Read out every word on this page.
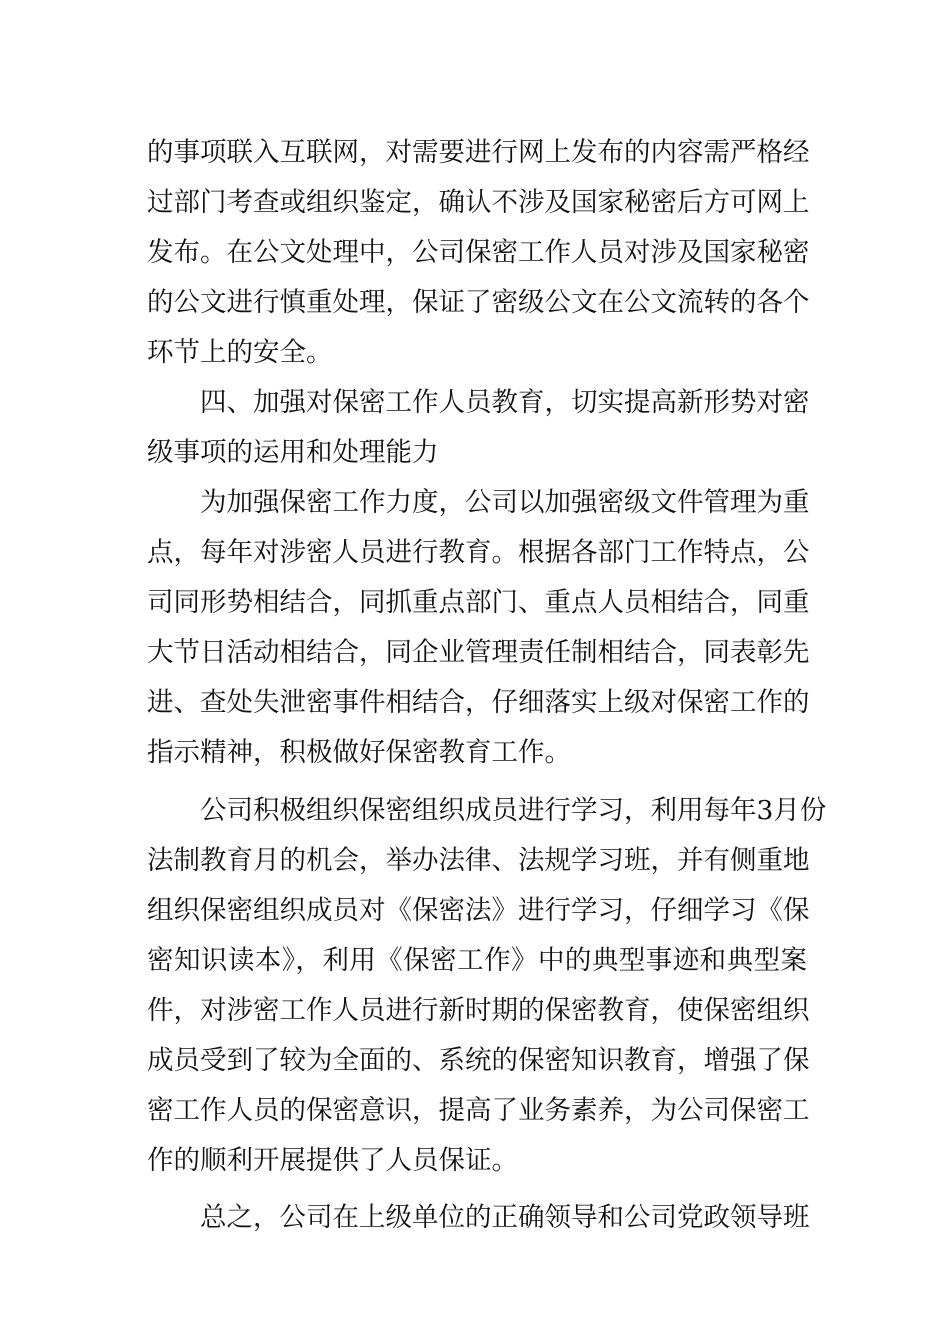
的事项联入互联网，对需要进行网上发布的内容需严格经
过部门考查或组织鉴定，确认不涉及国家秘密后方可网上
发布。在公文处理中，公司保密工作人员对涉及国家秘密
的公文进行慎重处理，保证了密级公文在公文流转的各个
环节上的安全。
四、加强对保密工作人员教育，切实提高新形势对密
级事项的运用和处理能力
为加强保密工作力度，公司以加强密级文件管理为重
点，每年对涉密人员进行教育。根据各部门工作特点，公
司同形势相结合，同抓重点部门、重点人员相结合，同重
大节日活动相结合，同企业管理责任制相结合，同表彰先
进、查处失泄密事件相结合，仔细落实上级对保密工作的
指示精神，积极做好保密教育工作。
公司积极组织保密组织成员进行学习，利用每年3月份
法制教育月的机会，举办法律、法规学习班，并有侧重地
组织保密组织成员对《保密法》进行学习，仔细学习《保
密知识读本》，利用《保密工作》中的典型事迹和典型案
件，对涉密工作人员进行新时期的保密教育，使保密组织
成员受到了较为全面的、系统的保密知识教育，增强了保
密工作人员的保密意识，提高了业务素养，为公司保密工
作的顺利开展提供了人员保证。
总之，公司在上级单位的正确领导和公司党政领导班
